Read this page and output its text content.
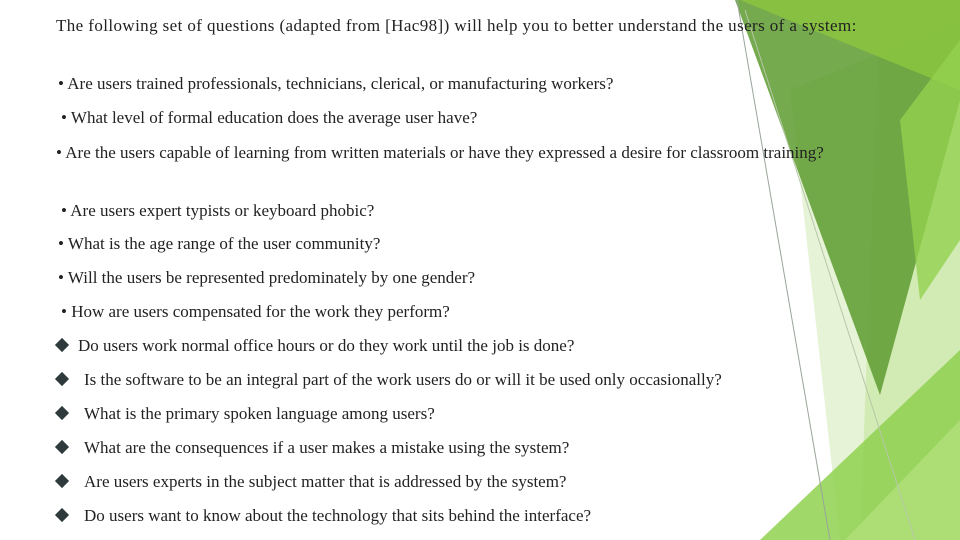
The following set of questions (adapted from [Hac98]) will help you to better understand the users of a system:
• Are users trained professionals, technicians, clerical, or manufacturing workers?
• What level of formal education does the average user have?
• Are the users capable of learning from written materials or have they expressed a desire for classroom training?
• Are users expert typists or keyboard phobic?
• What is the age range of the user community?
• Will the users be represented predominately by one gender?
• How are users compensated for the work they perform?
Do users work normal office hours or do they work until the job is done?
Is the software to be an integral part of the work users do or will it be used only occasionally?
What is the primary spoken language among users?
What are the consequences if a user makes a mistake using the system?
Are users experts in the subject matter that is addressed by the system?
Do users want to know about the technology that sits behind the interface?
